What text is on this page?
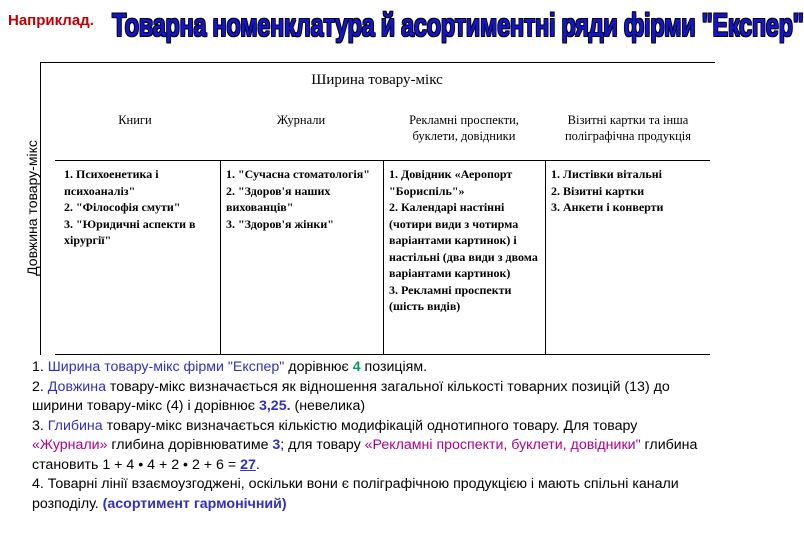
Наприклад. Товарна номенклатура й асортиментні ряди фірми "Експер"
Ширина товару-мікс
Довжина товару-мікс
Книги	Журнали	Рекламні проспекти, буклети, довідники
Візитні картки та інша поліграфічна продукція
1. Психоенетика і психоаналіз"
2. "Філософія смути"
3. "Юридичні аспекти в хірургії"
1. "Сучасна стоматологія"
2. "Здоров'я наших вихованців"
3. "Здоров'я жінки"
1. Довідник «Аеропорт "Бориспіль"»
2. Календарі настінні (чотири види з чотирма варіантами картинок) і настільні (два види з двома варіантами картинок)
3. Рекламні проспекти (шість видів)
1. Листівки вітальні
2. Візитні картки
3. Анкети і конверти

1. Ширина товару-мікс фірми "Експер" дорівнює 4 позиціям.

2. Довжина товару-мікс визначається як відношення загальної кількості товарних позицій (13) до ширини товару-мікс (4) і дорівнює 3,25. (невелика)

3. Глибина товару-мікс визначається кількістю модифікацій однотипного товару. Для товару «Журнали» глибина дорівнюватиме 3; для товару «Рекламні проспекти, буклети, довідники" глибина становить 1 + 4 • 4 + 2 • 2 + 6 = 27.

4. Товарні лінії взаємоузгоджені, оскільки вони є поліграфічною продукцією і мають спільні канали розподілу. (асортимент гармонічний)
